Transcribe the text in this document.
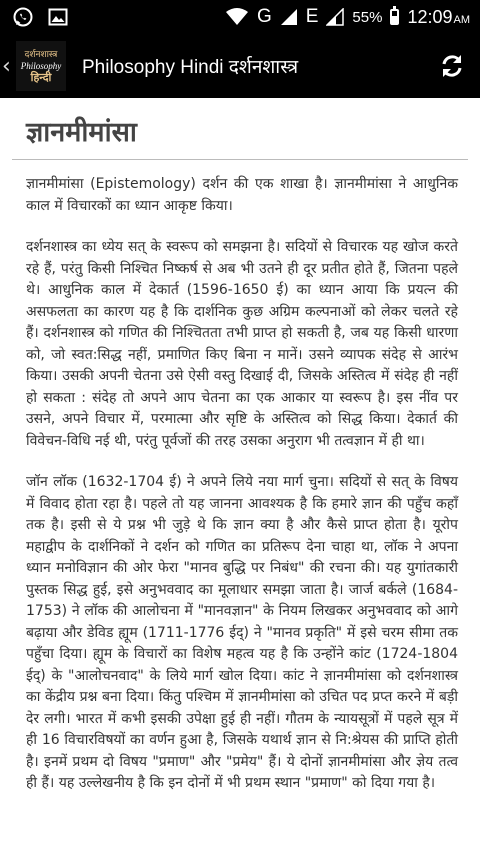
G E 55% 12:09AM
‹	दर्शनशास्त्र
Philosophy
हिन्दी Philosophy Hindi दर्शनशास्त्र
ज्ञानमीमांसा

ज्ञानमीमांसा (Epistemology) दर्शन की एक शाखा है। ज्ञानमीमांसा ने आधुनिक काल में विचारकों का ध्यान आकृष्ट किया।

दर्शनशास्त्र का ध्येय सत् के स्वरूप को समझना है। सदियों से विचारक यह खोज करते रहे हैं, परंतु किसी निश्चित निष्कर्ष से अब भी उतने ही दूर प्रतीत होते हैं, जितना पहले थे। आधुनिक काल में देकार्त (1596-1650 ई) का ध्यान आया कि प्रयत्न की असफलता का कारण यह है कि दार्शनिक कुछ अग्रिम कल्पनाओं को लेकर चलते रहे हैं। दर्शनशास्त्र को गणित की निश्चितता तभी प्राप्त हो सकती है, जब यह किसी धारणा को, जो स्वत:सिद्ध नहीं, प्रमाणित किए बिना न मानें। उसने व्यापक संदेह से आरंभ किया। उसकी अपनी चेतना उसे ऐसी वस्तु दिखाई दी, जिसके अस्तित्व में संदेह ही नहीं हो सकता : संदेह तो अपने आप चेतना का एक आकार या स्वरूप है। इस नींव पर उसने, अपने विचार में, परमात्मा और सृष्टि के अस्तित्व को सिद्ध किया। देकार्त की विवेचन-विधि नई थी, परंतु पूर्वजों की तरह उसका अनुराग भी तत्वज्ञान में ही था।

जॉन लॉक (1632-1704 ई) ने अपने लिये नया मार्ग चुना। सदियों से सत् के विषय में विवाद होता रहा है। पहले तो यह जानना आवश्यक है कि हमारे ज्ञान की पहुँच कहाँ तक है। इसी से ये प्रश्न भी जुड़े थे कि ज्ञान क्या है और कैसे प्राप्त होता है। यूरोप महाद्वीप के दार्शनिकों ने दर्शन को गणित का प्रतिरूप देना चाहा था, लॉक ने अपना ध्यान मनोविज्ञान की ओर फेरा "मानव बुद्धि पर निबंध" की रचना की। यह युगांतकारी पुस्तक सिद्ध हुई, इसे अनुभववाद का मूलाधार समझा जाता है। जार्ज बर्कले (1684-1753) ने लॉक की आलोचना में "मानवज्ञान" के नियम लिखकर अनुभववाद को आगे बढ़ाया और डेविड ह्यूम (1711-1776 ईद्) ने "मानव प्रकृति" में इसे चरम सीमा तक पहुँचा दिया। ह्यूम के विचारों का विशेष महत्व यह है कि उन्होंने कांट (1724-1804 ईद्) के "आलोचनवाद" के लिये मार्ग खोल दिया। कांट ने ज्ञानमीमांसा को दर्शनशास्त्र का केंद्रीय प्रश्न बना दिया। किंतु पश्चिम में ज्ञानमीमांसा को उचित पद प्रप्त करने में बड़ी देर लगी। भारत में कभी इसकी उपेक्षा हुई ही नहीं। गौतम के न्यायसूत्रों में पहले सूत्र में ही 16 विचारविषयों का वर्णन हुआ है, जिसके यथार्थ ज्ञान से नि:श्रेयस की प्राप्ति होती है। इनमें प्रथम दो विषय "प्रमाण" और "प्रमेय" हैं। ये दोनों ज्ञानमीमांसा और ज्ञेय तत्व ही हैं। यह उल्लेखनीय है कि इन दोनों में भी प्रथम स्थान "प्रमाण" को दिया गया है।
